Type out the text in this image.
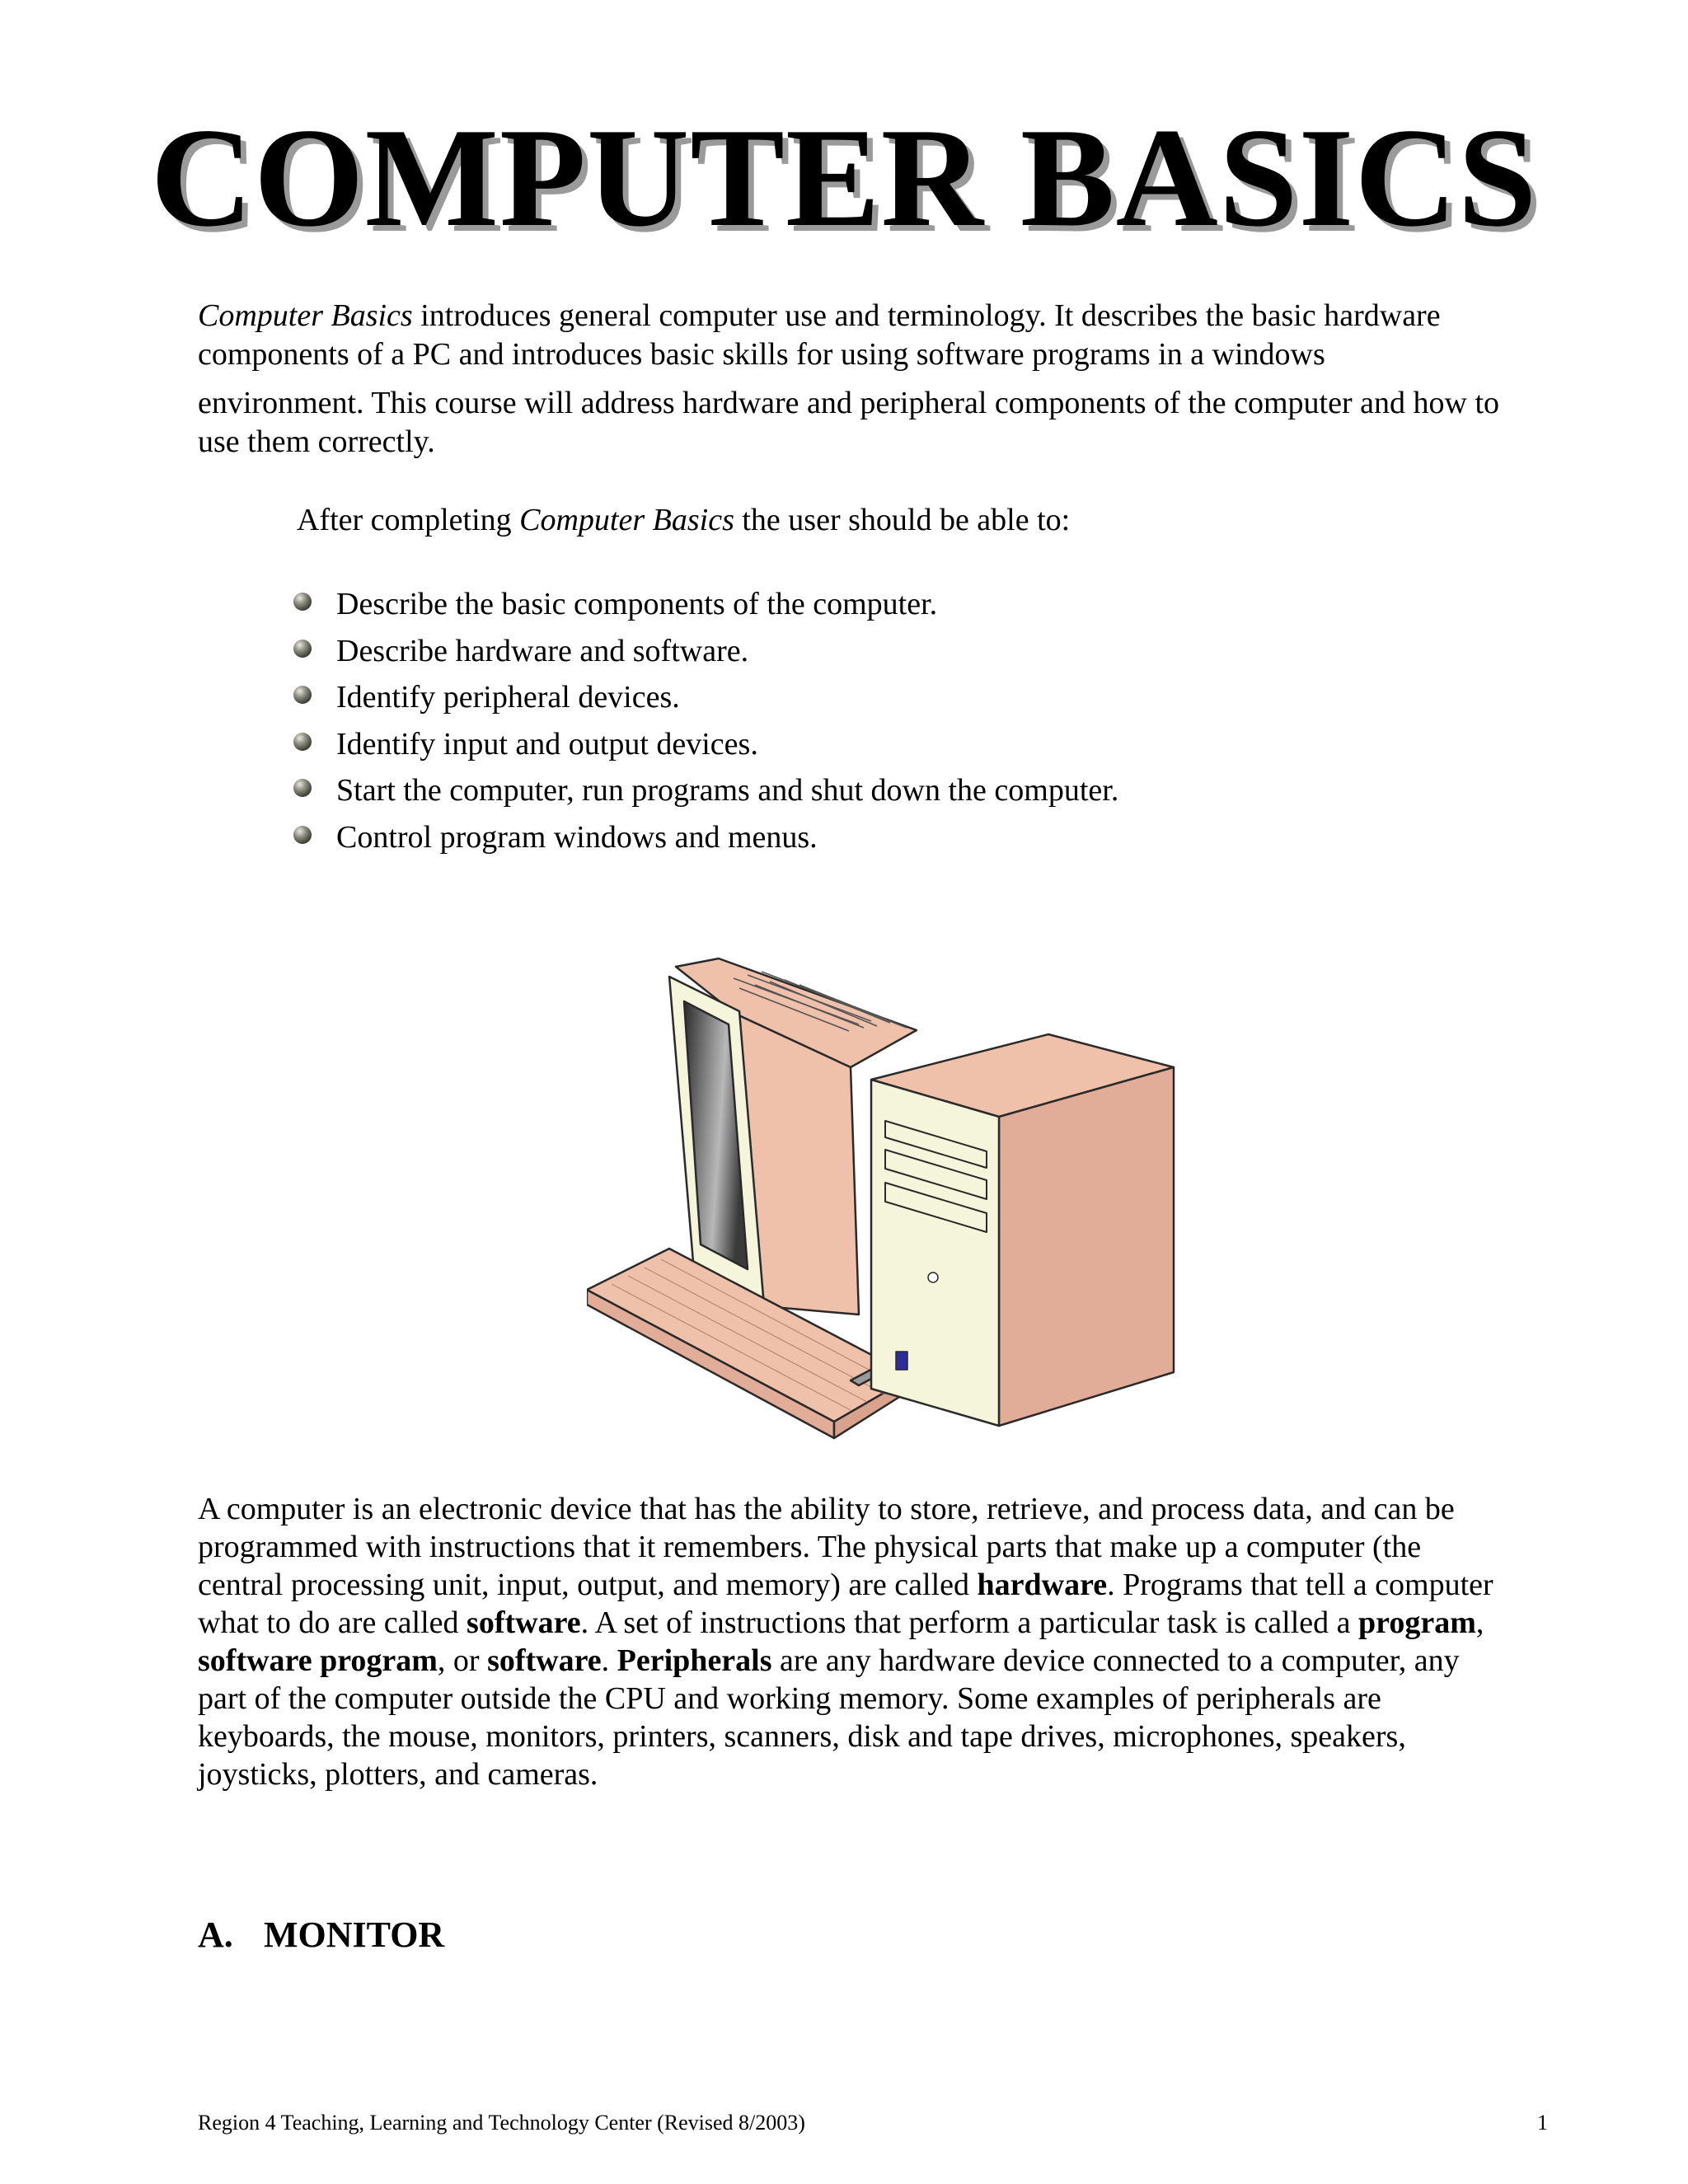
COMPUTER BASICS
Computer Basics introduces general computer use and terminology. It describes the basic hardware
components of a PC and introduces basic skills for using software programs in a windows
environment. This course will address hardware and peripheral components of the computer and how to
use them correctly.
After completing Computer Basics the user should be able to:
Describe the basic components of the computer.
Describe hardware and software.
Identify peripheral devices.
Identify input and output devices.
Start the computer, run programs and shut down the computer.
Control program windows and menus.
A computer is an electronic device that has the ability to store, retrieve, and process data, and can be
programmed with instructions that it remembers. The physical parts that make up a computer (the
central processing unit, input, output, and memory) are called hardware. Programs that tell a computer
what to do are called software. A set of instructions that perform a particular task is called a program,
software program, or software. Peripherals are any hardware device connected to a computer, any
part of the computer outside the CPU and working memory. Some examples of peripherals are
keyboards, the mouse, monitors, printers, scanners, disk and tape drives, microphones, speakers,
joysticks, plotters, and cameras.
A. MONITOR
Region 4 Teaching, Learning and Technology Center (Revised 8/2003)	1
